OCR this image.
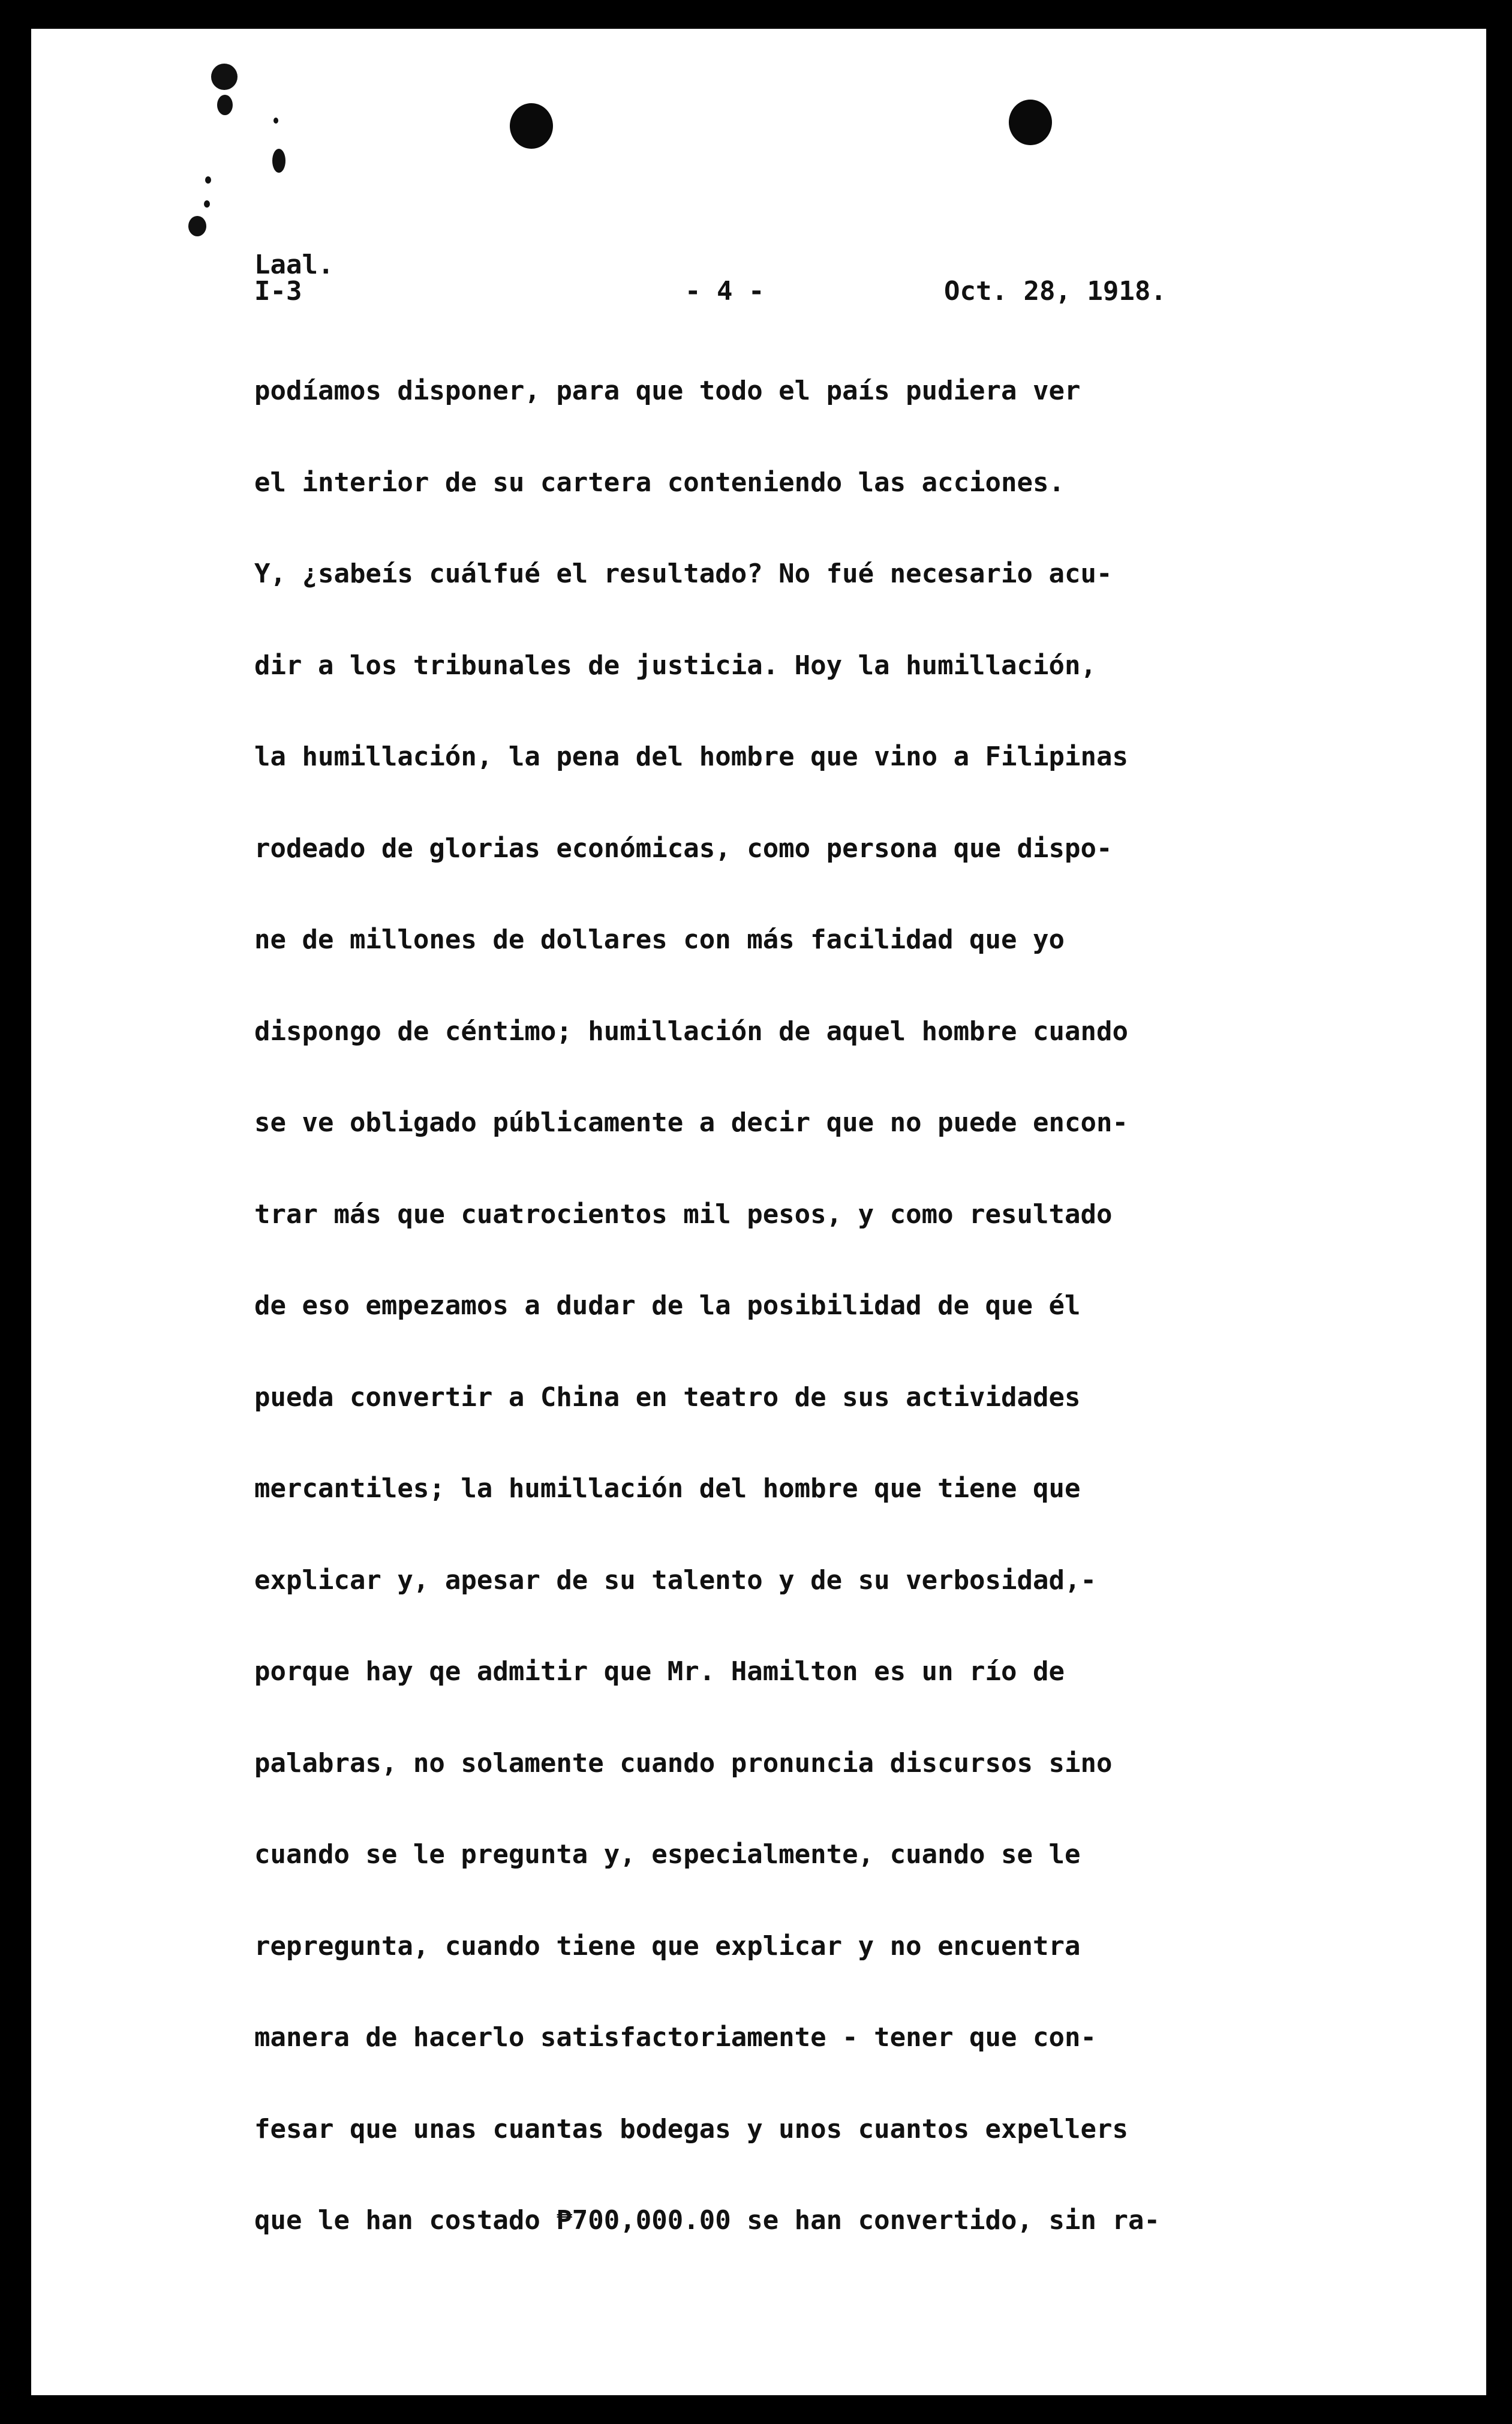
Laal.
I-3	- 4 -	Oct. 28, 1918.
podíamos disponer, para que todo el país pudiera ver
el interior de su cartera conteniendo las acciones.
Y, ¿sabeís cuálfué el resultado? No fué necesario acu-
dir a los tribunales de justicia. Hoy la humillación,
la humillación, la pena del hombre que vino a Filipinas
rodeado de glorias económicas, como persona que dispo-
ne de millones de dollares con más facilidad que yo
dispongo de céntimo; humillación de aquel hombre cuando
se ve obligado públicamente a decir que no puede encon-
trar más que cuatrocientos mil pesos, y como resultado
de eso empezamos a dudar de la posibilidad de que él
pueda convertir a China en teatro de sus actividades
mercantiles; la humillación del hombre que tiene que
explicar y, apesar de su talento y de su verbosidad,-
porque hay qe admitir que Mr. Hamilton es un río de
palabras, no solamente cuando pronuncia discursos sino
cuando se le pregunta y, especialmente, cuando se le
repregunta, cuando tiene que explicar y no encuentra
manera de hacerlo satisfactoriamente - tener que con-
fesar que unas cuantas bodegas y unos cuantos expellers
que le han costado ₱700,000.00 se han convertido, sin ra-
